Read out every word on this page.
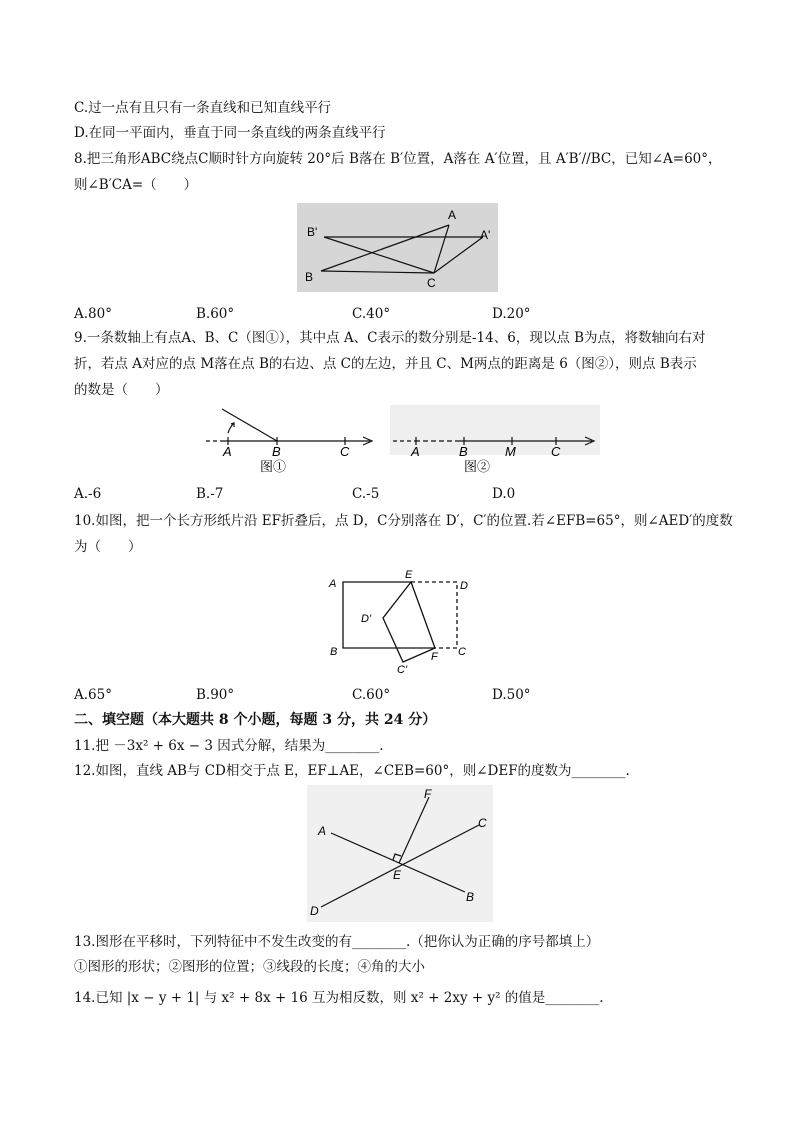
C.过一点有且只有一条直线和已知直线平行
D.在同一平面内，垂直于同一条直线的两条直线平行
8.把三角形ABC绕点C顺时针方向旋转 20°后 B落在 B′位置，A落在 A′位置，且 A′B′//BC，已知∠A=60°，
则∠B′CA=（　　）
A
B'	A'
B	C
A.80°	B.60°	C.40°	D.20°
9.一条数轴上有点A、B、C（图①），其中点 A、C表示的数分别是-14、6，现以点 B为点，将数轴向右对
折，若点 A对应的点 M落在点 B的右边、点 C的左边，并且 C、M两点的距离是 6（图②），则点 B表示
的数是（　　）
A	B	C
图①
A	B	M	C
图②
A.-6	B.-7	C.-5	D.0
10.如图，把一个长方形纸片沿 EF折叠后，点 D，C分别落在 D′，C′的位置.若∠EFB=65°，则∠AED′的度数
为（　　）
A
E
D
D'
B
C'
F C
A.65°	B.90°	C.60°	D.50°
二、填空题（本大题共 8 个小题，每题 3 分，共 24 分）
11.把 －3x² + 6x − 3 因式分解，结果为________.
12.如图，直线 AB与 CD相交于点 E，EF⊥AE，∠CEB=60°，则∠DEF的度数为________.
F
A
C
E
B
D
13.图形在平移时，下列特征中不发生改变的有________.（把你认为正确的序号都填上）
①图形的形状；②图形的位置；③线段的长度；④角的大小
14.已知 |x − y + 1| 与 x² + 8x + 16 互为相反数，则 x² + 2xy + y² 的值是________.
